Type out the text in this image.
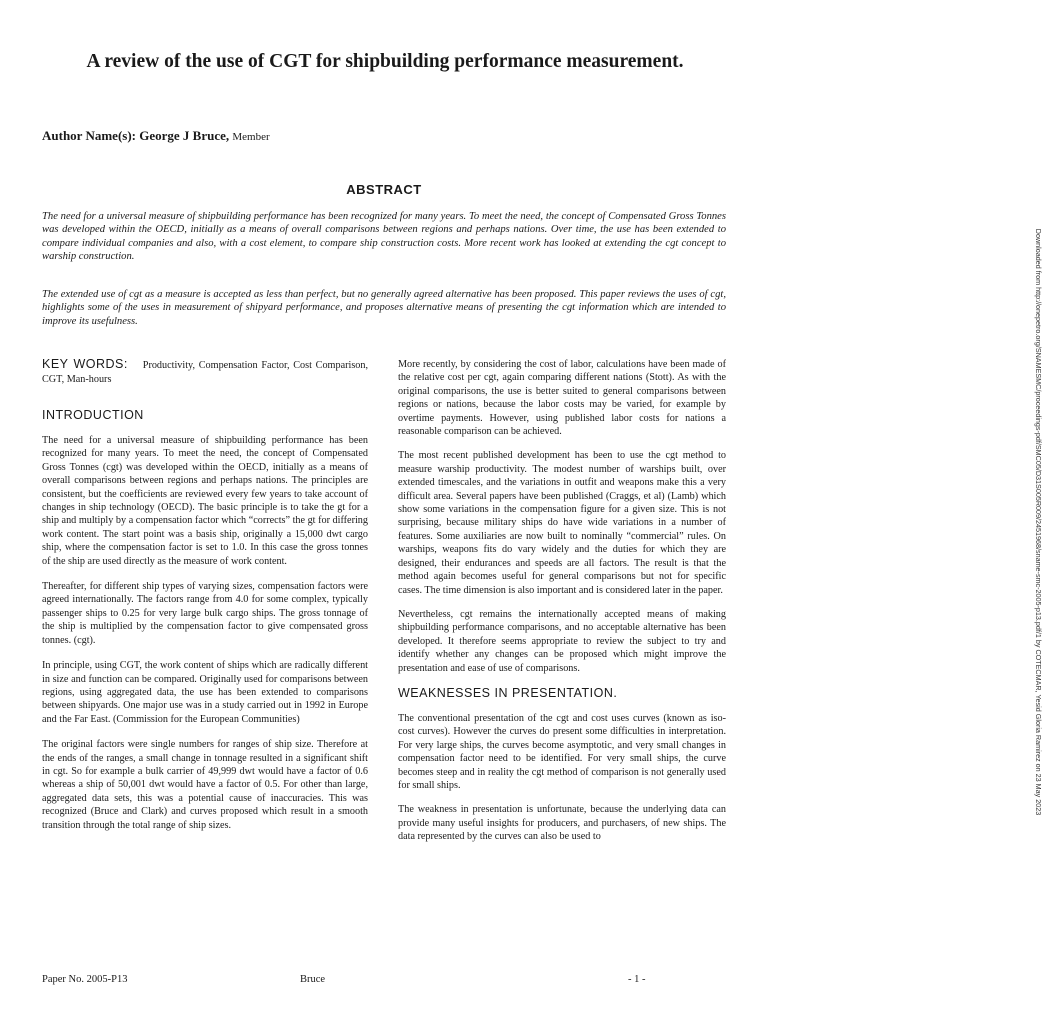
A review of the use of CGT for shipbuilding performance measurement.

Author Name(s): George J Bruce, Member

ABSTRACT

The need for a universal measure of shipbuilding performance has been recognized for many years. To meet the need, the concept of Compensated Gross Tonnes was developed within the OECD, initially as a means of overall comparisons between regions and perhaps nations. Over time, the use has been extended to compare individual companies and also, with a cost element, to compare ship construction costs. More recent work has looked at extending the cgt concept to warship construction.

The extended use of cgt as a measure is accepted as less than perfect, but no generally agreed alternative has been proposed. This paper reviews the uses of cgt, highlights some of the uses in measurement of shipyard performance, and proposes alternative means of presenting the cgt information which are intended to improve its usefulness.

KEY WORDS: Productivity, Compensation Factor, Cost Comparison, CGT, Man-hours

INTRODUCTION

The need for a universal measure of shipbuilding performance has been recognized for many years. To meet the need, the concept of Compensated Gross Tonnes (cgt) was developed within the OECD, initially as a means of overall comparisons between regions and perhaps nations. The principles are consistent, but the coefficients are reviewed every few years to take account of changes in ship technology (OECD). The basic principle is to take the gt for a ship and multiply by a compensation factor which “corrects” the gt for differing work content. The start point was a basis ship, originally a 15,000 dwt cargo ship, where the compensation factor is set to 1.0. In this case the gross tonnes of the ship are used directly as the measure of work content.

Thereafter, for different ship types of varying sizes, compensation factors were agreed internationally. The factors range from 4.0 for some complex, typically passenger ships to 0.25 for very large bulk cargo ships. The gross tonnage of the ship is multiplied by the compensation factor to give compensated gross tonnes. (cgt).

In principle, using CGT, the work content of ships which are radically different in size and function can be compared. Originally used for comparisons between regions, using aggregated data, the use has been extended to comparisons between shipyards. One major use was in a study carried out in 1992 in Europe and the Far East. (Commission for the European Communities)

The original factors were single numbers for ranges of ship size. Therefore at the ends of the ranges, a small change in tonnage resulted in a significant shift in cgt. So for example a bulk carrier of 49,999 dwt would have a factor of 0.6 whereas a ship of 50,001 dwt would have a factor of 0.5. For other than large, aggregated data sets, this was a potential cause of inaccuracies. This was recognized (Bruce and Clark) and curves proposed which result in a smooth transition through the total range of ship sizes.

More recently, by considering the cost of labor, calculations have been made of the relative cost per cgt, again comparing different nations (Stott). As with the original comparisons, the use is better suited to general comparisons between regions or nations, because the labor costs may be varied, for example by overtime payments. However, using published labor costs for nations a reasonable comparison can be achieved.

The most recent published development has been to use the cgt method to measure warship productivity. The modest number of warships built, over extended timescales, and the variations in outfit and weapons make this a very difficult area. Several papers have been published (Craggs, et al) (Lamb) which show some variations in the compensation figure for a given size. This is not surprising, because military ships do have wide variations in a number of features. Some auxiliaries are now built to nominally “commercial” rules. On warships, weapons fits do vary widely and the duties for which they are designed, their endurances and speeds are all factors. The result is that the method again becomes useful for general comparisons but not for specific cases. The time dimension is also important and is considered later in the paper.

Nevertheless, cgt remains the internationally accepted means of making shipbuilding performance comparisons, and no acceptable alternative has been developed. It therefore seems appropriate to review the subject to try and identify whether any changes can be proposed which might improve the presentation and ease of use of comparisons.

WEAKNESSES IN PRESENTATION.

The conventional presentation of the cgt and cost uses curves (known as iso-cost curves). However the curves do present some difficulties in interpretation. For very large ships, the curves become asymptotic, and very small changes in compensation factor need to be identified. For very small ships, the curve becomes steep and in reality the cgt method of comparison is not generally used for small ships.

The weakness in presentation is unfortunate, because the underlying data can provide many useful insights for producers, and purchasers, of new ships. The data represented by the curves can also be used to

Downloaded from http://onepetro.org/SNAMESMC/proceedings-pdf/SMC05/D31S005R009/2451968/sname-smc-2005-p13.pdf/1 by COTECMAR, Yesid Gloria Ramirez on 23 May 2023

Paper No. 2005-P13	Bruce	- 1 -
